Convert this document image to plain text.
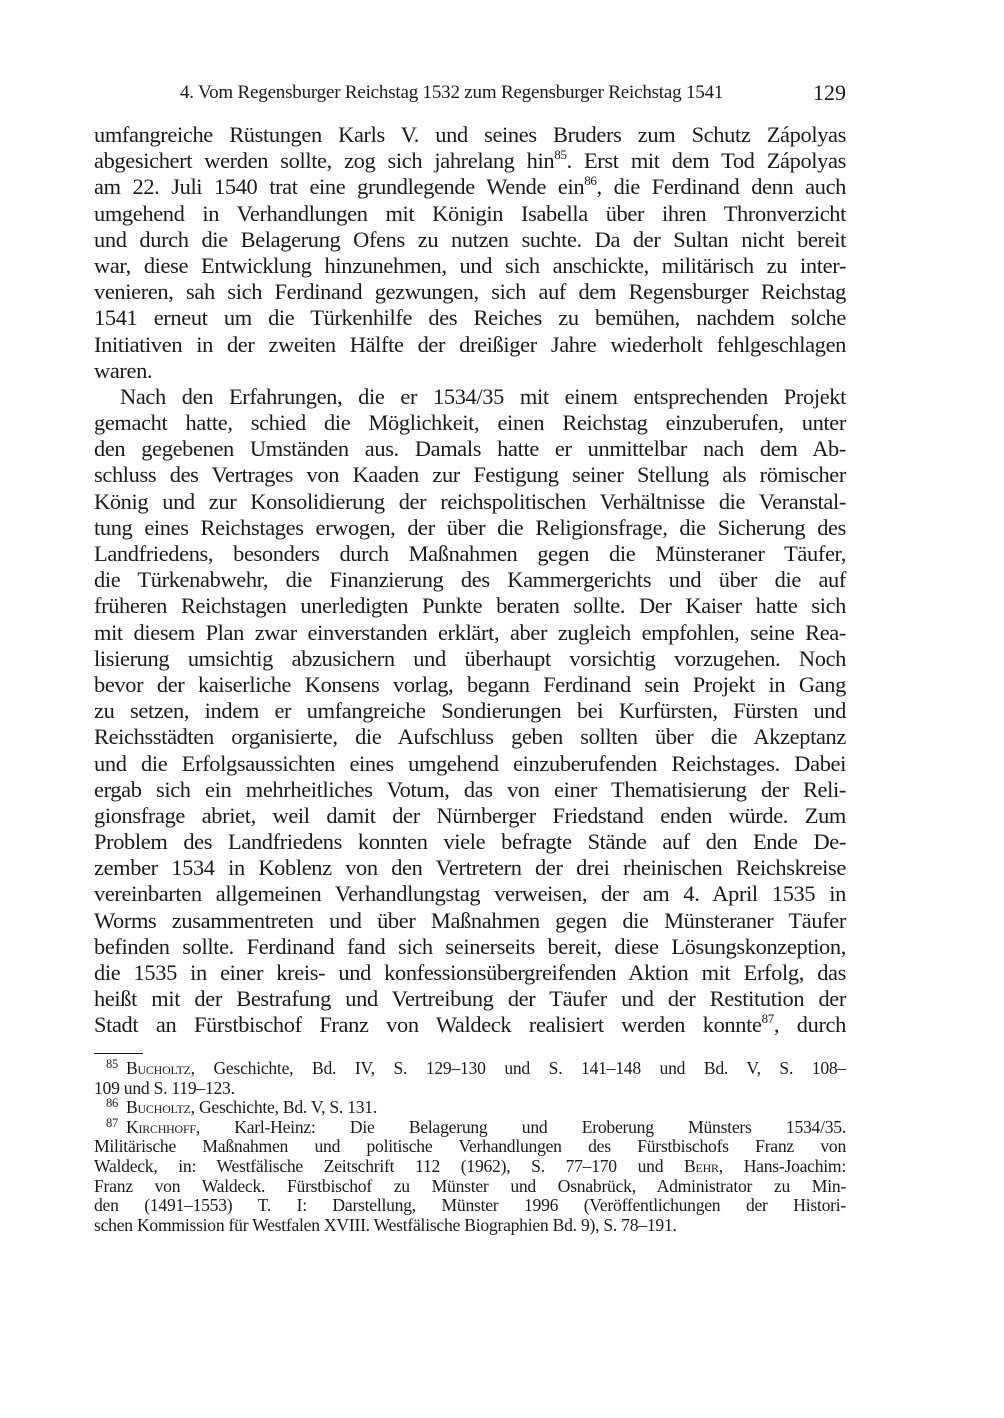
4. Vom Regensburger Reichstag 1532 zum Regensburger Reichstag 1541	129
umfangreiche Rüstungen Karls V. und seines Bruders zum Schutz Zápolyas
abgesichert werden sollte, zog sich jahrelang hin$^{85}$. Erst mit dem Tod Zápolyas
am 22. Juli 1540 trat eine grundlegende Wende ein$^{86}$, die Ferdinand denn auch
umgehend in Verhandlungen mit Königin Isabella über ihren Thronverzicht
und durch die Belagerung Ofens zu nutzen suchte. Da der Sultan nicht bereit
war, diese Entwicklung hinzunehmen, und sich anschickte, militärisch zu inter-
venieren, sah sich Ferdinand gezwungen, sich auf dem Regensburger Reichstag
1541 erneut um die Türkenhilfe des Reiches zu bemühen, nachdem solche
Initiativen in der zweiten Hälfte der dreißiger Jahre wiederholt fehlgeschlagen
waren.
Nach den Erfahrungen, die er 1534/35 mit einem entsprechenden Projekt
gemacht hatte, schied die Möglichkeit, einen Reichstag einzuberufen, unter
den gegebenen Umständen aus. Damals hatte er unmittelbar nach dem Ab-
schluss des Vertrages von Kaaden zur Festigung seiner Stellung als römischer
König und zur Konsolidierung der reichspolitischen Verhältnisse die Veranstal-
tung eines Reichstages erwogen, der über die Religionsfrage, die Sicherung des
Landfriedens, besonders durch Maßnahmen gegen die Münsteraner Täufer,
die Türkenabwehr, die Finanzierung des Kammergerichts und über die auf
früheren Reichstagen unerledigten Punkte beraten sollte. Der Kaiser hatte sich
mit diesem Plan zwar einverstanden erklärt, aber zugleich empfohlen, seine Rea-
lisierung umsichtig abzusichern und überhaupt vorsichtig vorzugehen. Noch
bevor der kaiserliche Konsens vorlag, begann Ferdinand sein Projekt in Gang
zu setzen, indem er umfangreiche Sondierungen bei Kurfürsten, Fürsten und
Reichsstädten organisierte, die Aufschluss geben sollten über die Akzeptanz
und die Erfolgsaussichten eines umgehend einzuberufenden Reichstages. Dabei
ergab sich ein mehrheitliches Votum, das von einer Thematisierung der Reli-
gionsfrage abriet, weil damit der Nürnberger Friedstand enden würde. Zum
Problem des Landfriedens konnten viele befragte Stände auf den Ende De-
zember 1534 in Koblenz von den Vertretern der drei rheinischen Reichskreise
vereinbarten allgemeinen Verhandlungstag verweisen, der am 4. April 1535 in
Worms zusammentreten und über Maßnahmen gegen die Münsteraner Täufer
befinden sollte. Ferdinand fand sich seinerseits bereit, diese Lösungskonzeption,
die 1535 in einer kreis- und konfessionsübergreifenden Aktion mit Erfolg, das
heißt mit der Bestrafung und Vertreibung der Täufer und der Restitution der
Stadt an Fürstbischof Franz von Waldeck realisiert werden konnte$^{87}$, durch
$^{85}$ Bucholtz, Geschichte, Bd. IV, S. 129–130 und S. 141–148 und Bd. V, S. 108–
109 und S. 119–123.
$^{86}$ Bucholtz, Geschichte, Bd. V, S. 131.
$^{87}$ Kirchhoff, Karl-Heinz: Die Belagerung und Eroberung Münsters 1534/35.
Militärische Maßnahmen und politische Verhandlungen des Fürstbischofs Franz von
Waldeck, in: Westfälische Zeitschrift 112 (1962), S. 77–170 und Behr, Hans-Joachim:
Franz von Waldeck. Fürstbischof zu Münster und Osnabrück, Administrator zu Min-
den (1491–1553) T. I: Darstellung, Münster 1996 (Veröffentlichungen der Histori-
schen Kommission für Westfalen XVIII. Westfälische Biographien Bd. 9), S. 78–191.
